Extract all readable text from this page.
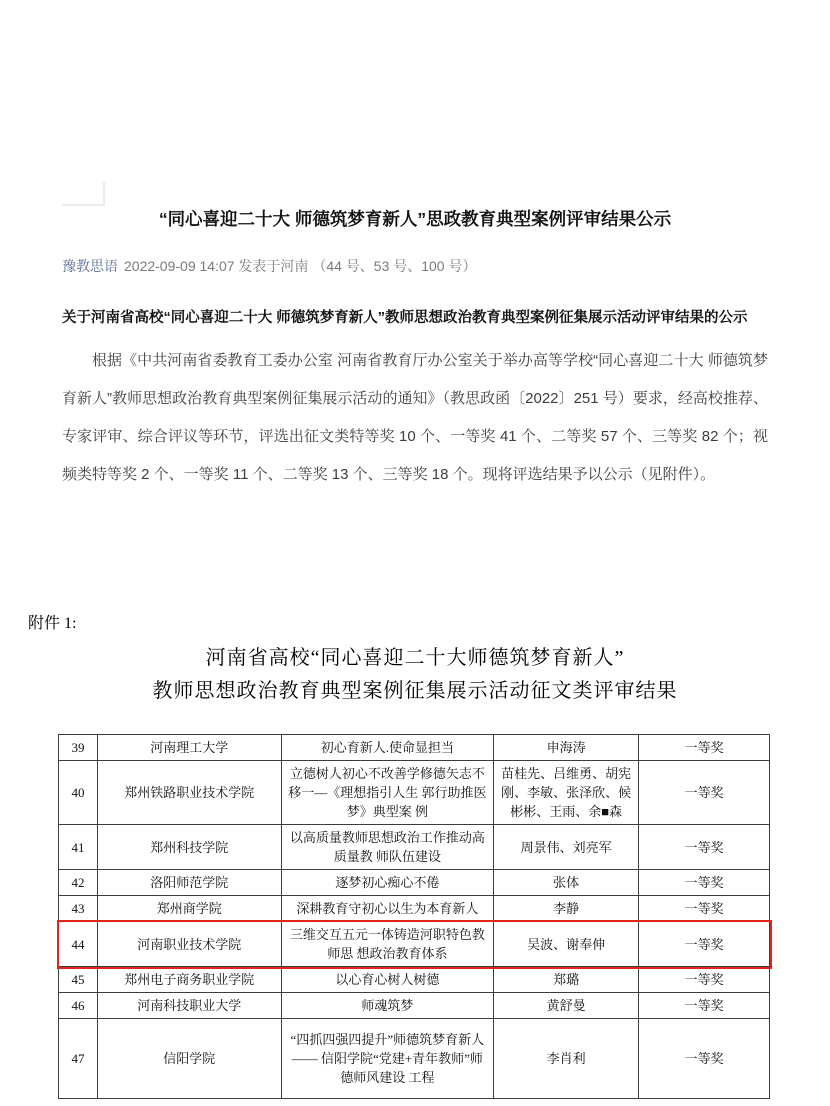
“同心喜迎二十大 师德筑梦育新人”思政教育典型案例评审结果公示
豫教思语 2022-09-09 14:07 发表于河南 （44 号、53 号、100 号）
关于河南省高校“同心喜迎二十大 师德筑梦育新人”教师思想政治教育典型案例征集展示活动评审结果的公示

根据《中共河南省委教育工委办公室 河南省教育厅办公室关于举办高等学校“同心喜迎二十大 师德筑梦育新人”教师思想政治教育典型案例征集展示活动的通知》（教思政函〔2022〕251 号）要求，经高校推荐、专家评审、综合评议等环节，评选出征文类特等奖 10 个、一等奖 41 个、二等奖 57 个、三等奖 82 个；视频类特等奖 2 个、一等奖 11 个、二等奖 13 个、三等奖 18 个。现将评选结果予以公示（见附件）。

附件 1:
河南省高校“同心喜迎二十大师德筑梦育新人”
教师思想政治教育典型案例征集展示活动征文类评审结果
39	河南理工大学	初心育新人.使命显担当	申海涛	一等奖
40	郑州铁路职业技术学院	立德树人初心不改善学修德矢志不移一—《理想指引人生 郭行助推医梦》典型案 例	苗桂先、吕维勇、胡宪刚、李敏、张泽欣、候彬彬、王雨、余■森	一等奖
41	郑州科技学院	以高质量教师思想政治工作推动高质量教 师队伍建设	周景伟、刘亮军	一等奖
42	洛阳师范学院	逐梦初心痴心不倦	张体	一等奖
43	郑州商学院	深耕教育守初心以生为本育新人	李静	一等奖
44	河南职业技术学院	三维交互五元一体铸造河职特色教师思 想政治教育体系	吴波、谢奉伸	一等奖
45	郑州电子商务职业学院	以心育心树人树德	郑璐	一等奖
46	河南科技职业大学	师魂筑梦	黄舒曼	一等奖
47	信阳学院	“四抓四强四提升”师德筑梦育新人—— 信阳学院“党建+青年教师”师德师风建设 工程	李肖利	一等奖
